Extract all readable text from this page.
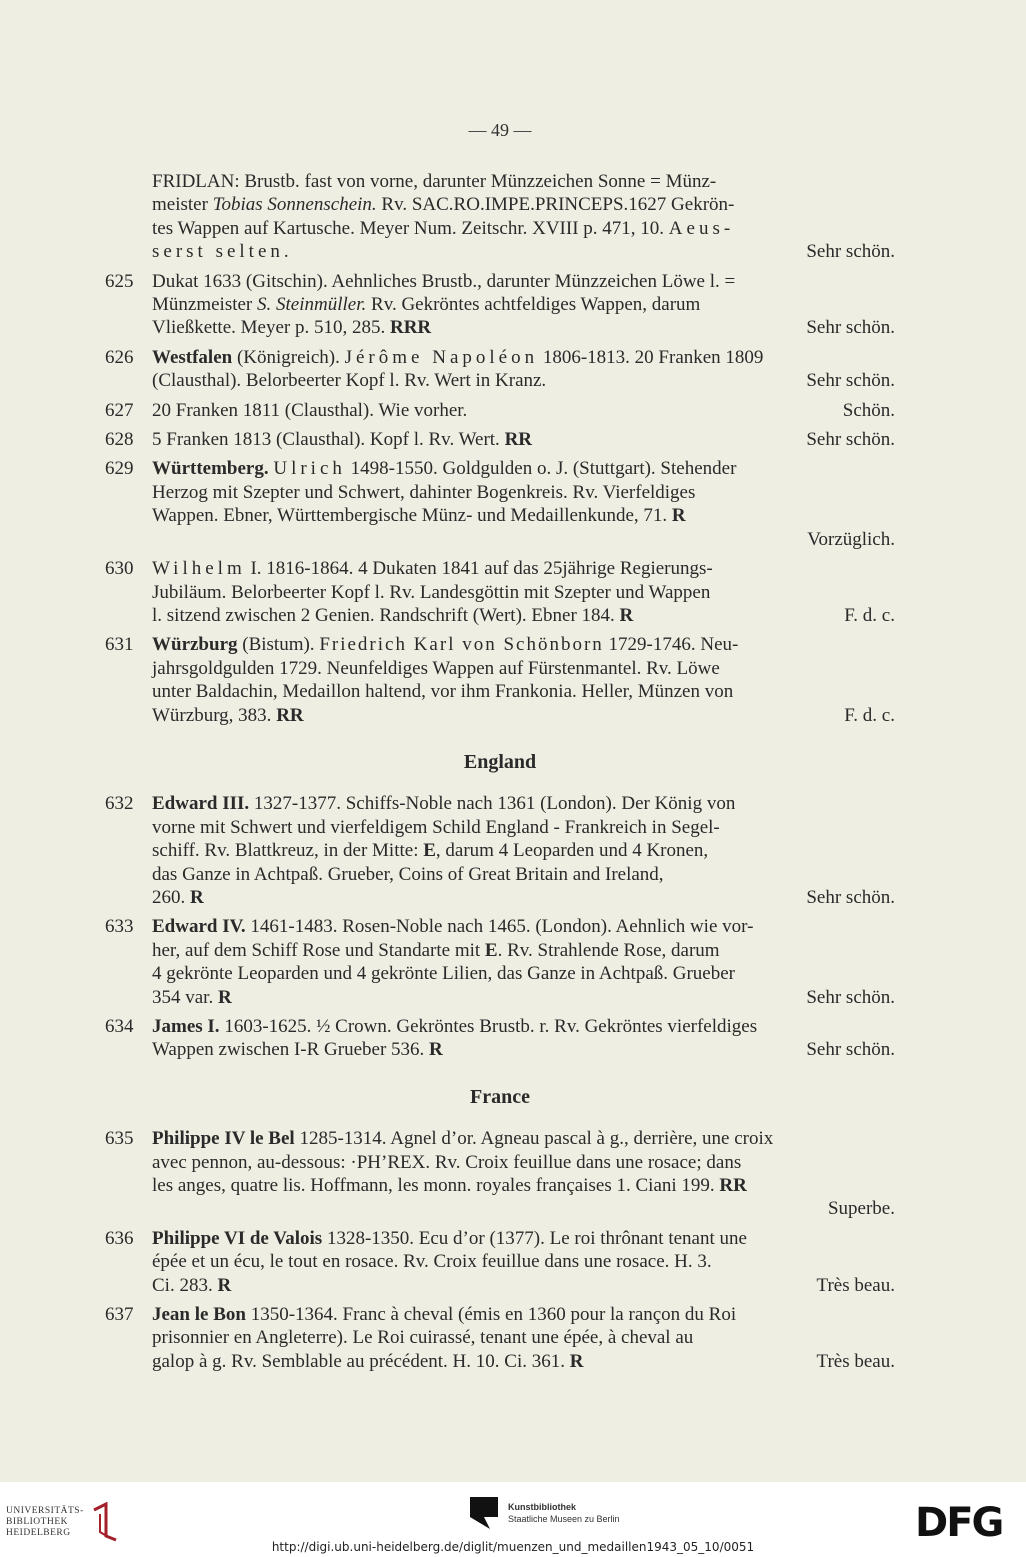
— 49 —
FRIDLAN: Brustb. fast von vorne, darunter Münzzeichen Sonne = Münz-
meister Tobias Sonnenschein. Rv. SAC.RO.IMPE.PRINCEPS.1627 Gekrön-
tes Wappen auf Kartusche. Meyer Num. Zeitschr. XVIII p. 471, 10. Aeus-
serst selten.	Sehr schön.
625 Dukat 1633 (Gitschin). Aehnliches Brustb., darunter Münzzeichen Löwe l. =
Münzmeister S. Steinmüller. Rv. Gekröntes achtfeldiges Wappen, darum
Vließkette. Meyer p. 510, 285. RRR	Sehr schön.
626 Westfalen (Königreich). Jérôme Napoléon 1806-1813. 20 Franken 1809
(Clausthal). Belorbeerter Kopf l. Rv. Wert in Kranz.	Sehr schön.
627 20 Franken 1811 (Clausthal). Wie vorher.	Schön.
628 5 Franken 1813 (Clausthal). Kopf l. Rv. Wert. RR	Sehr schön.
629 Württemberg. Ulrich 1498-1550. Goldgulden o. J. (Stuttgart). Stehender
Herzog mit Szepter und Schwert, dahinter Bogenkreis. Rv. Vierfeldiges
Wappen. Ebner, Württembergische Münz- und Medaillenkunde, 71. R
Vorzüglich.
630 Wilhelm I. 1816-1864. 4 Dukaten 1841 auf das 25jährige Regierungs-
Jubiläum. Belorbeerter Kopf l. Rv. Landesgöttin mit Szepter und Wappen
l. sitzend zwischen 2 Genien. Randschrift (Wert). Ebner 184. R	F. d. c.
631 Würzburg (Bistum). Friedrich Karl von Schönborn 1729-1746. Neu-
jahrsgoldgulden 1729. Neunfeldiges Wappen auf Fürstenmantel. Rv. Löwe
unter Baldachin, Medaillon haltend, vor ihm Frankonia. Heller, Münzen von
Würzburg, 383. RR	F. d. c.
England
632 Edward III. 1327-1377. Schiffs-Noble nach 1361 (London). Der König von
vorne mit Schwert und vierfeldigem Schild England - Frankreich in Segel-
schiff. Rv. Blattkreuz, in der Mitte: E, darum 4 Leoparden und 4 Kronen,
das Ganze in Achtpaß. Grueber, Coins of Great Britain and Ireland,
260. R	Sehr schön.
633 Edward IV. 1461-1483. Rosen-Noble nach 1465. (London). Aehnlich wie vor-
her, auf dem Schiff Rose und Standarte mit E. Rv. Strahlende Rose, darum
4 gekrönte Leoparden und 4 gekrönte Lilien, das Ganze in Achtpaß. Grueber
354 var. R	Sehr schön.
634 James I. 1603-1625. ½ Crown. Gekröntes Brustb. r. Rv. Gekröntes vierfeldiges
Wappen zwischen I-R Grueber 536. R	Sehr schön.
France
635 Philippe IV le Bel 1285-1314. Agnel d’or. Agneau pascal à g., derrière, une croix
avec pennon, au-dessous: ·PH’REX. Rv. Croix feuillue dans une rosace; dans
les anges, quatre lis. Hoffmann, les monn. royales françaises 1. Ciani 199. RR
Superbe.
636 Philippe VI de Valois 1328-1350. Ecu d’or (1377). Le roi thrônant tenant une
épée et un écu, le tout en rosace. Rv. Croix feuillue dans une rosace. H. 3.
Ci. 283. R	Très beau.
637 Jean le Bon 1350-1364. Franc à cheval (émis en 1360 pour la rançon du Roi
prisonnier en Angleterre). Le Roi cuirassé, tenant une épée, à cheval au
galop à g. Rv. Semblable au précédent. H. 10. Ci. 361. R	Très beau.
UNIVERSITÄTS-
BIBLIOTHEK
HEIDELBERG
Kunstbibliothek
Staatliche Museen zu Berlin	DFG
http://digi.ub.uni-heidelberg.de/diglit/muenzen_und_medaillen1943_05_10/0051
